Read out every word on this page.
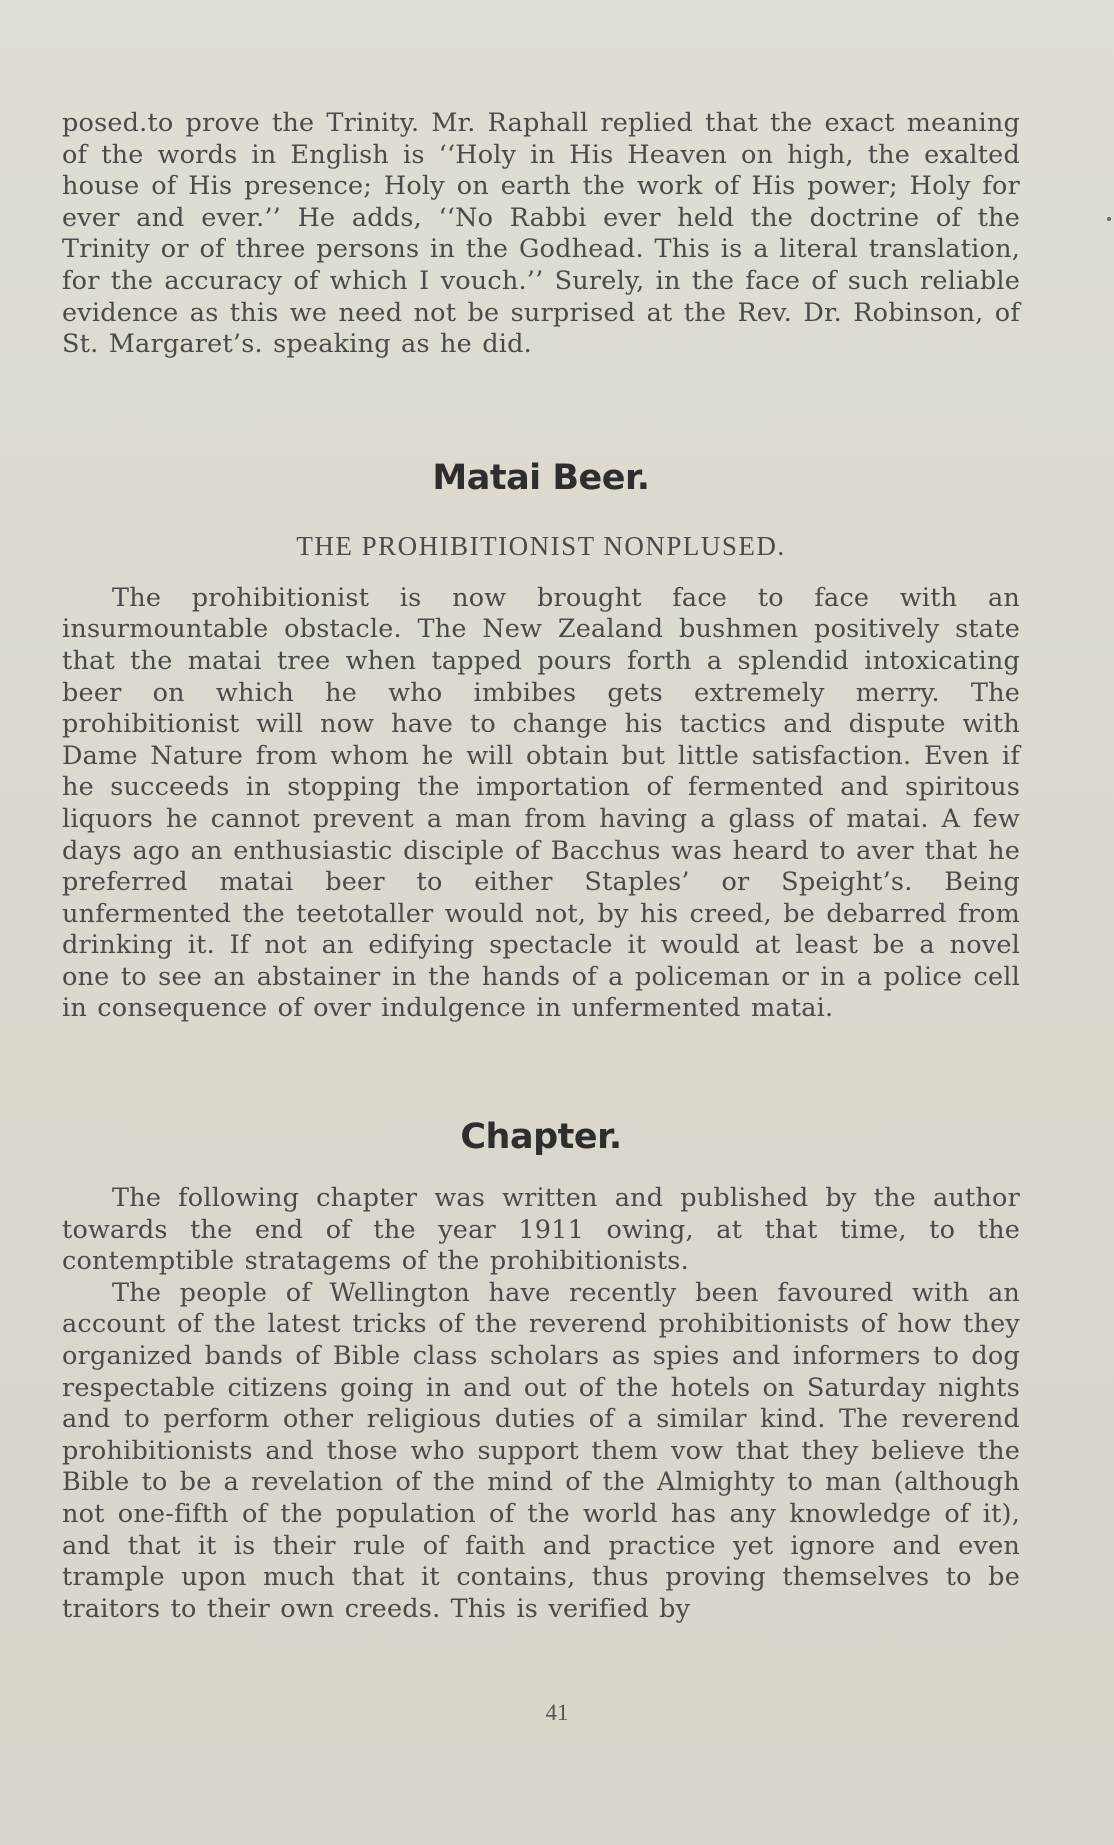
posed.to prove the Trinity. Mr. Raphall replied that the exact meaning of the words in English is ‘‘Holy in His Heaven on high, the exalted house of His presence; Holy on earth the work of His power; Holy for ever and ever.’’ He adds, ‘‘No Rabbi ever held the doctrine of the Trinity or of three persons in the Godhead. This is a literal translation, for the accuracy of which I vouch.’’ Surely, in the face of such reliable evidence as this we need not be surprised at the Rev. Dr. Robinson, of St. Margaret’s. speaking as he did.

Matai Beer.

THE PROHIBITIONIST NONPLUSED.

The prohibitionist is now brought face to face with an insurmountable obstacle. The New Zealand bushmen positively state that the matai tree when tapped pours forth a splendid intoxicating beer on which he who imbibes gets extremely merry. The prohibitionist will now have to change his tactics and dispute with Dame Nature from whom he will obtain but little satisfaction. Even if he succeeds in stopping the importation of fermented and spiritous liquors he cannot prevent a man from having a glass of matai. A few days ago an enthusiastic disciple of Bacchus was heard to aver that he preferred matai beer to either Staples’ or Speight’s. Being unfermented the teetotaller would not, by his creed, be debarred from drinking it. If not an edifying spectacle it would at least be a novel one to see an abstainer in the hands of a policeman or in a police cell in consequence of over indulgence in unfermented matai.

Chapter.

The following chapter was written and published by the author towards the end of the year 1911 owing, at that time, to the contemptible stratagems of the prohibitionists.

The people of Wellington have recently been favoured with an account of the latest tricks of the reverend prohibitionists of how they organized bands of Bible class scholars as spies and informers to dog respectable citizens going in and out of the hotels on Saturday nights and to perform other religious duties of a similar kind. The reverend prohibitionists and those who support them vow that they believe the Bible to be a revelation of the mind of the Almighty to man (although not one-fifth of the population of the world has any knowledge of it), and that it is their rule of faith and practice yet ignore and even trample upon much that it contains, thus proving themselves to be traitors to their own creeds. This is verified by

41
